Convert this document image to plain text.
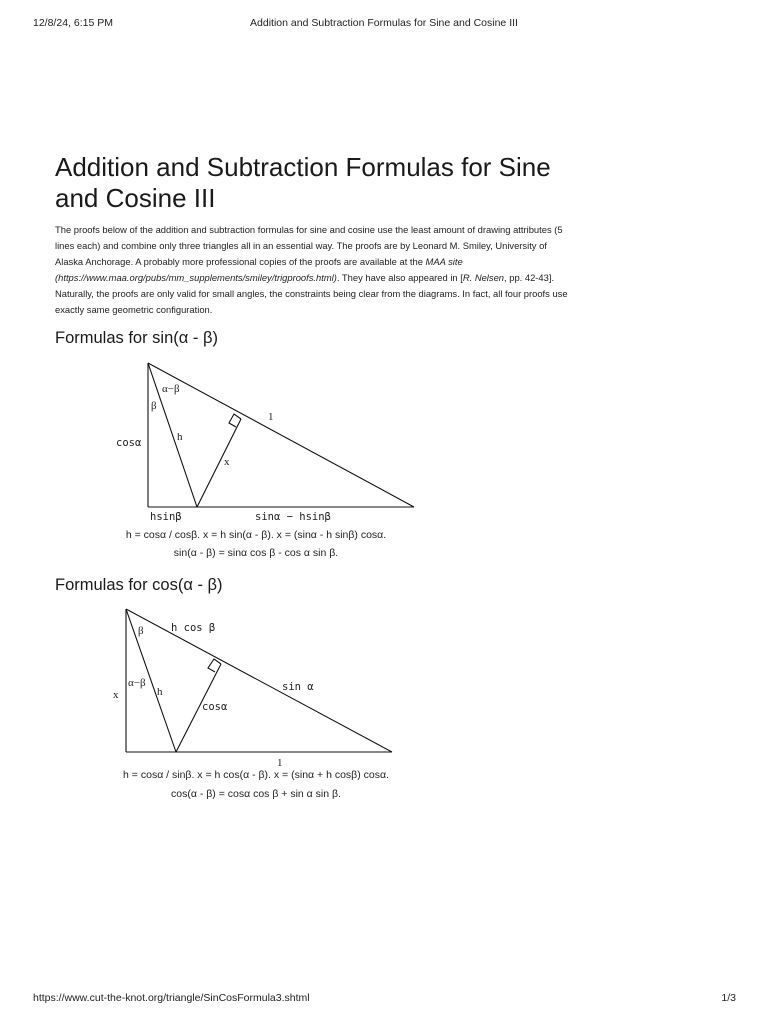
12/8/24, 6:15 PM	Addition and Subtraction Formulas for Sine and Cosine III
Addition and Subtraction Formulas for Sine and Cosine III

The proofs below of the addition and subtraction formulas for sine and cosine use the least amount of drawing attributes (5 lines each) and combine only three triangles all in an essential way. The proofs are by Leonard M. Smiley, University of Alaska Anchorage. A probably more professional copies of the proofs are available at the MAA site (https://www.maa.org/pubs/mm_supplements/smiley/trigproofs.html). They have also appeared in [R. Nelsen, pp. 42-43]. Naturally, the proofs are only valid for small angles, the constraints being clear from the diagrams. In fact, all four proofs use exactly same geometric configuration.

Formulas for sin(α - β)
α−β
β
1
cosα	h
x
hsinβ	sinα − hsinβ
β	h cos β
α−β
x	h
cosα
sin α
1
h = cosα / cosβ. x = h sin(α - β). x = (sinα - h sinβ) cosα.
sin(α - β) = sinα cos β - cos α sin β.
Formulas for cos(α - β)
h = cosα / sinβ. x = h cos(α - β). x = (sinα + h cosβ) cosα.
cos(α - β) = cosα cos β + sin α sin β.
https://www.cut-the-knot.org/triangle/SinCosFormula3.shtml	1/3
